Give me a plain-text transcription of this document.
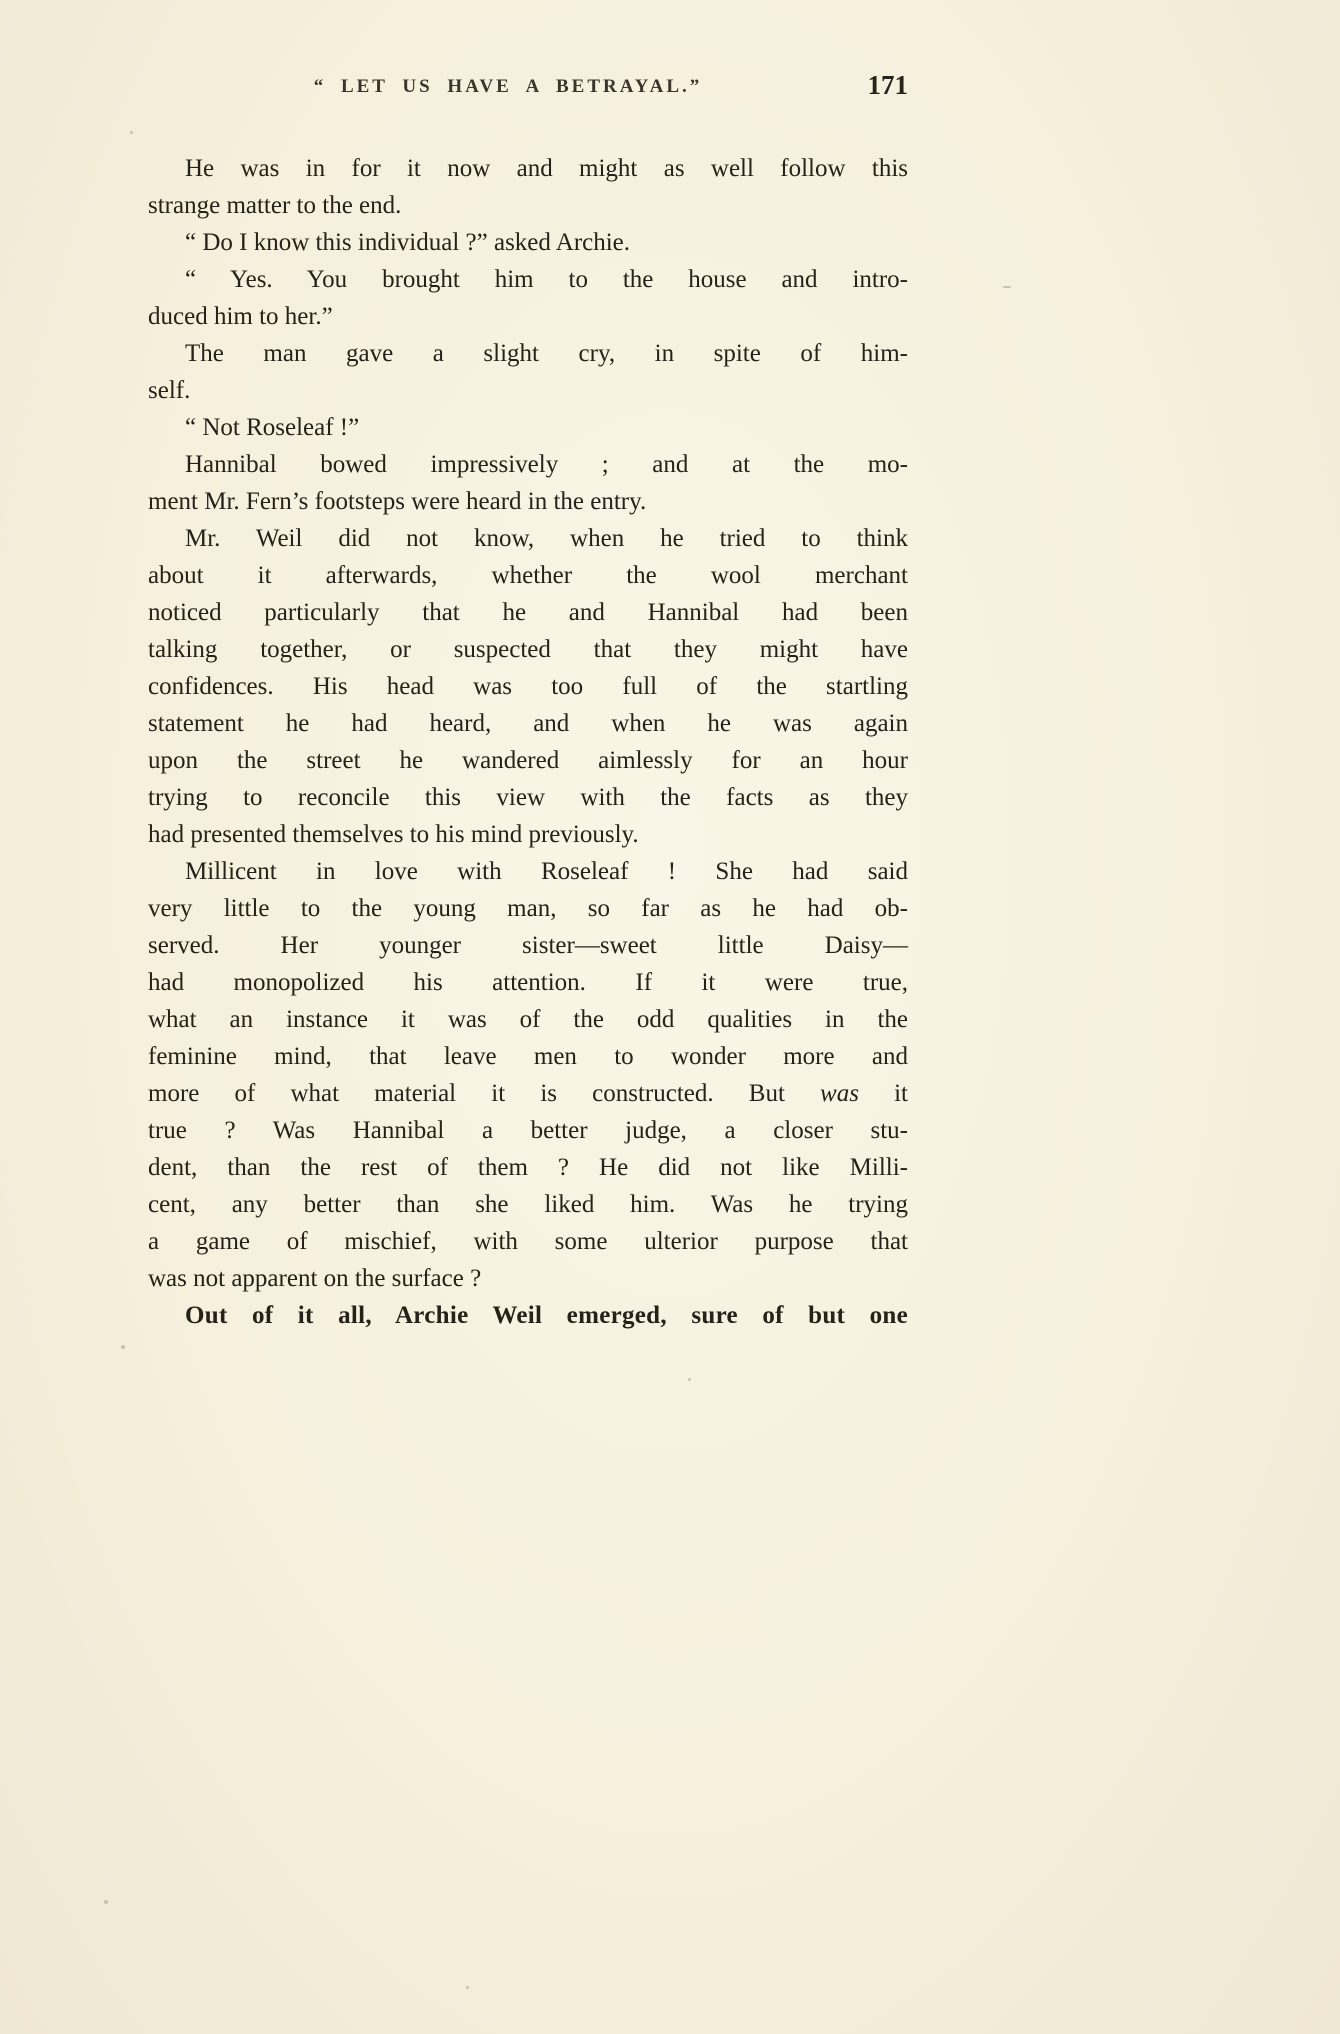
“ LET US HAVE A BETRAYAL.”	171
He was in for it now and might as well follow this
strange matter to the end.
“ Do I know this individual ?” asked Archie.
“ Yes. You brought him to the house and intro-
duced him to her.”
The man gave a slight cry, in spite of him-
self.
“ Not Roseleaf !”
Hannibal bowed impressively ; and at the mo-
ment Mr. Fern’s footsteps were heard in the entry.
Mr. Weil did not know, when he tried to think
about it afterwards, whether the wool merchant
noticed particularly that he and Hannibal had been
talking together, or suspected that they might have
confidences. His head was too full of the startling
statement he had heard, and when he was again
upon the street he wandered aimlessly for an hour
trying to reconcile this view with the facts as they
had presented themselves to his mind previously.
Millicent in love with Roseleaf ! She had said
very little to the young man, so far as he had ob-
served. Her younger sister—sweet little Daisy—
had monopolized his attention. If it were true,
what an instance it was of the odd qualities in the
feminine mind, that leave men to wonder more and
more of what material it is constructed. But was it
true ? Was Hannibal a better judge, a closer stu-
dent, than the rest of them ? He did not like Milli-
cent, any better than she liked him. Was he trying
a game of mischief, with some ulterior purpose that
was not apparent on the surface ?
Out of it all, Archie Weil emerged, sure of but one
